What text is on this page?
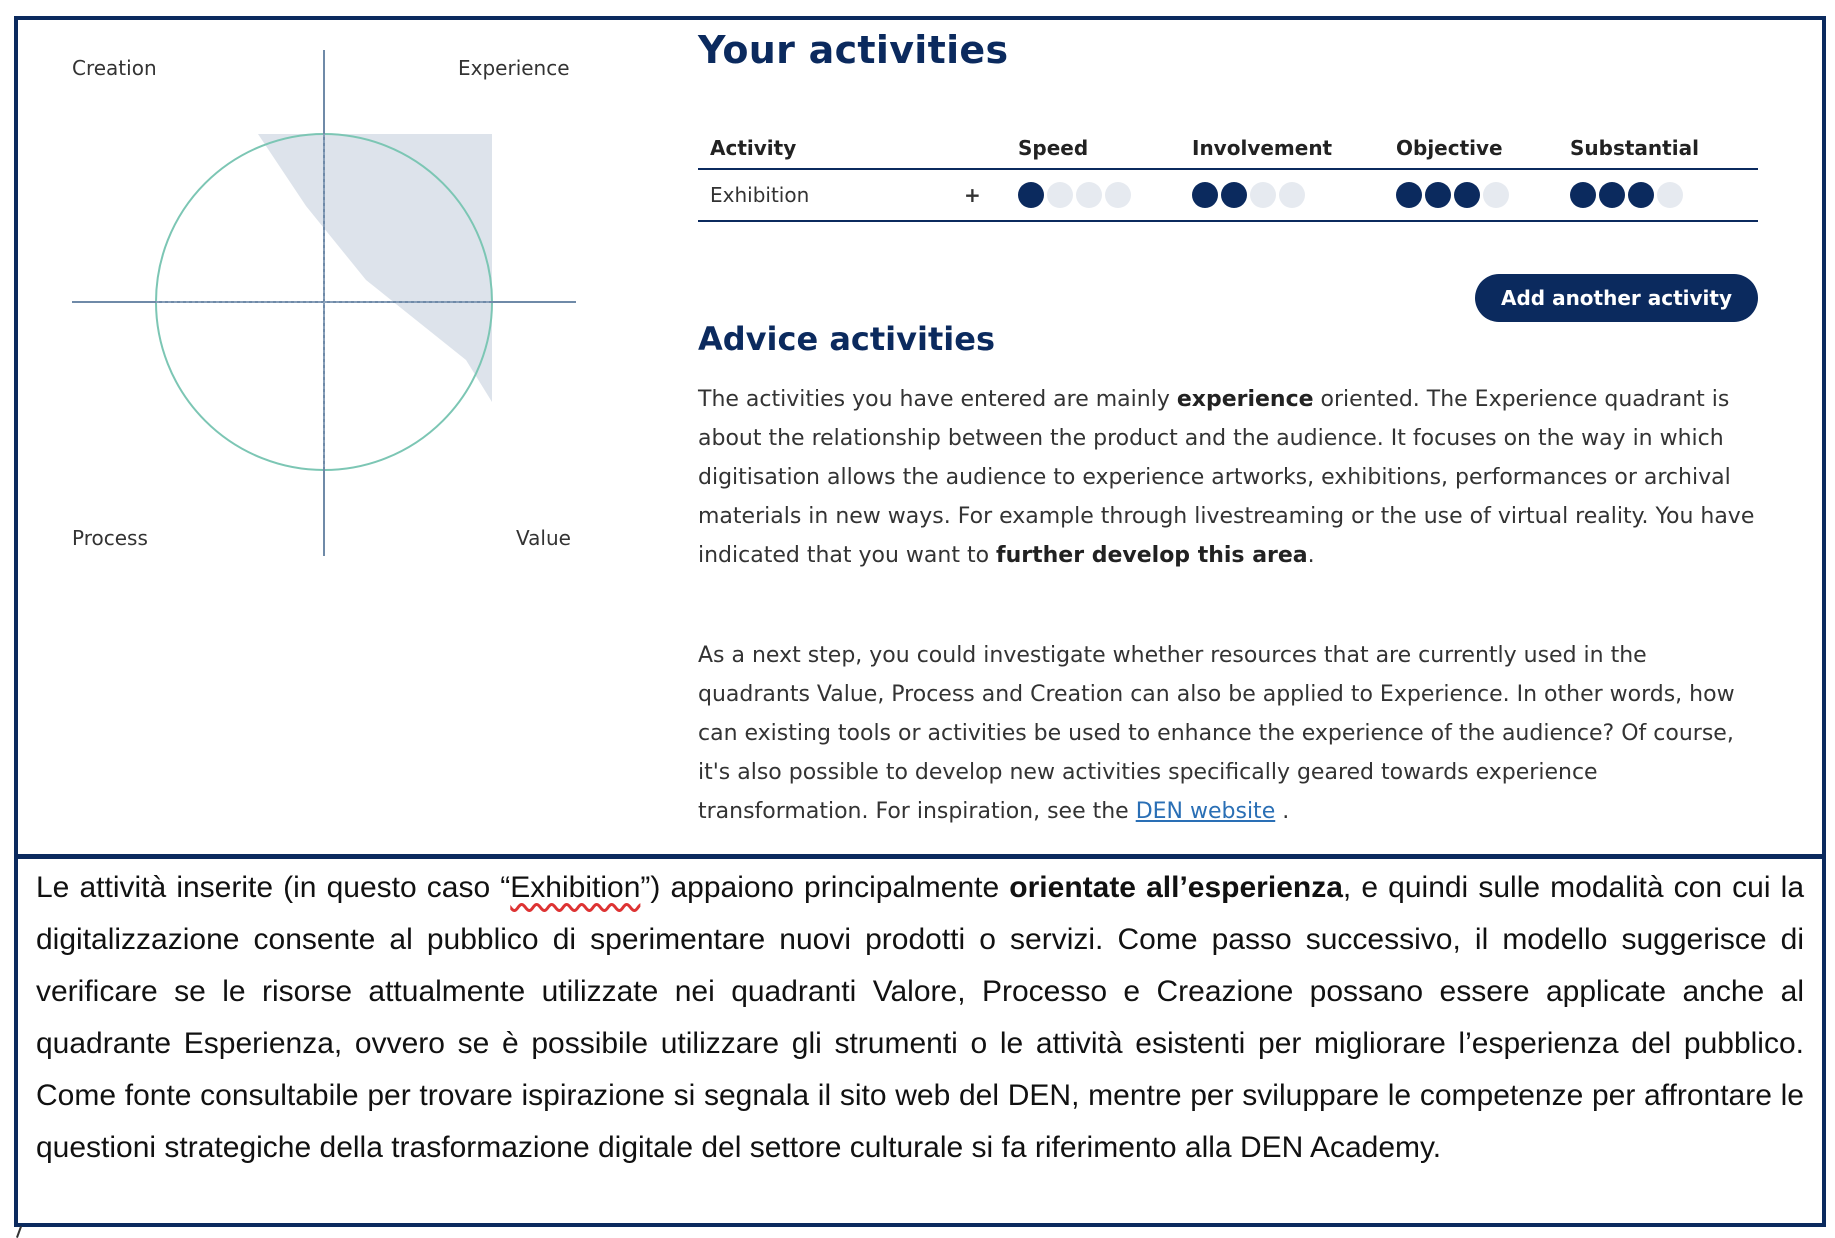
Creation	Experience
Process	Value
Your activities
Activity		Speed	Involvement	Objective	Substantial
Exhibition	+	

Add another activity
Advice activities

The activities you have entered are mainly experience oriented. The Experience quadrant is about the relationship between the product and the audience. It focuses on the way in which digitisation allows the audience to experience artworks, exhibitions, performances or archival materials in new ways. For example through livestreaming or the use of virtual reality. You have indicated that you want to further develop this area.

As a next step, you could investigate whether resources that are currently used in the quadrants Value, Process and Creation can also be applied to Experience. In other words, how can existing tools or activities be used to enhance the experience of the audience? Of course, it's also possible to develop new activities specifically geared towards experience transformation. For inspiration, see the DEN website .

Le attività inserite (in questo caso “Exhibition”) appaiono principalmente orientate all’esperienza, e quindi sulle modalità con cui la digitalizzazione consente al pubblico di sperimentare nuovi prodotti o servizi. Come passo successivo, il modello suggerisce di verificare se le risorse attualmente utilizzate nei quadranti Valore, Processo e Creazione possano essere applicate anche al quadrante Esperienza, ovvero se è possibile utilizzare gli strumenti o le attività esistenti per migliorare l’esperienza del pubblico. Come fonte consultabile per trovare ispirazione si segnala il sito web del DEN, mentre per sviluppare le competenze per affrontare le questioni strategiche della trasformazione digitale del settore culturale si fa riferimento alla DEN Academy.
